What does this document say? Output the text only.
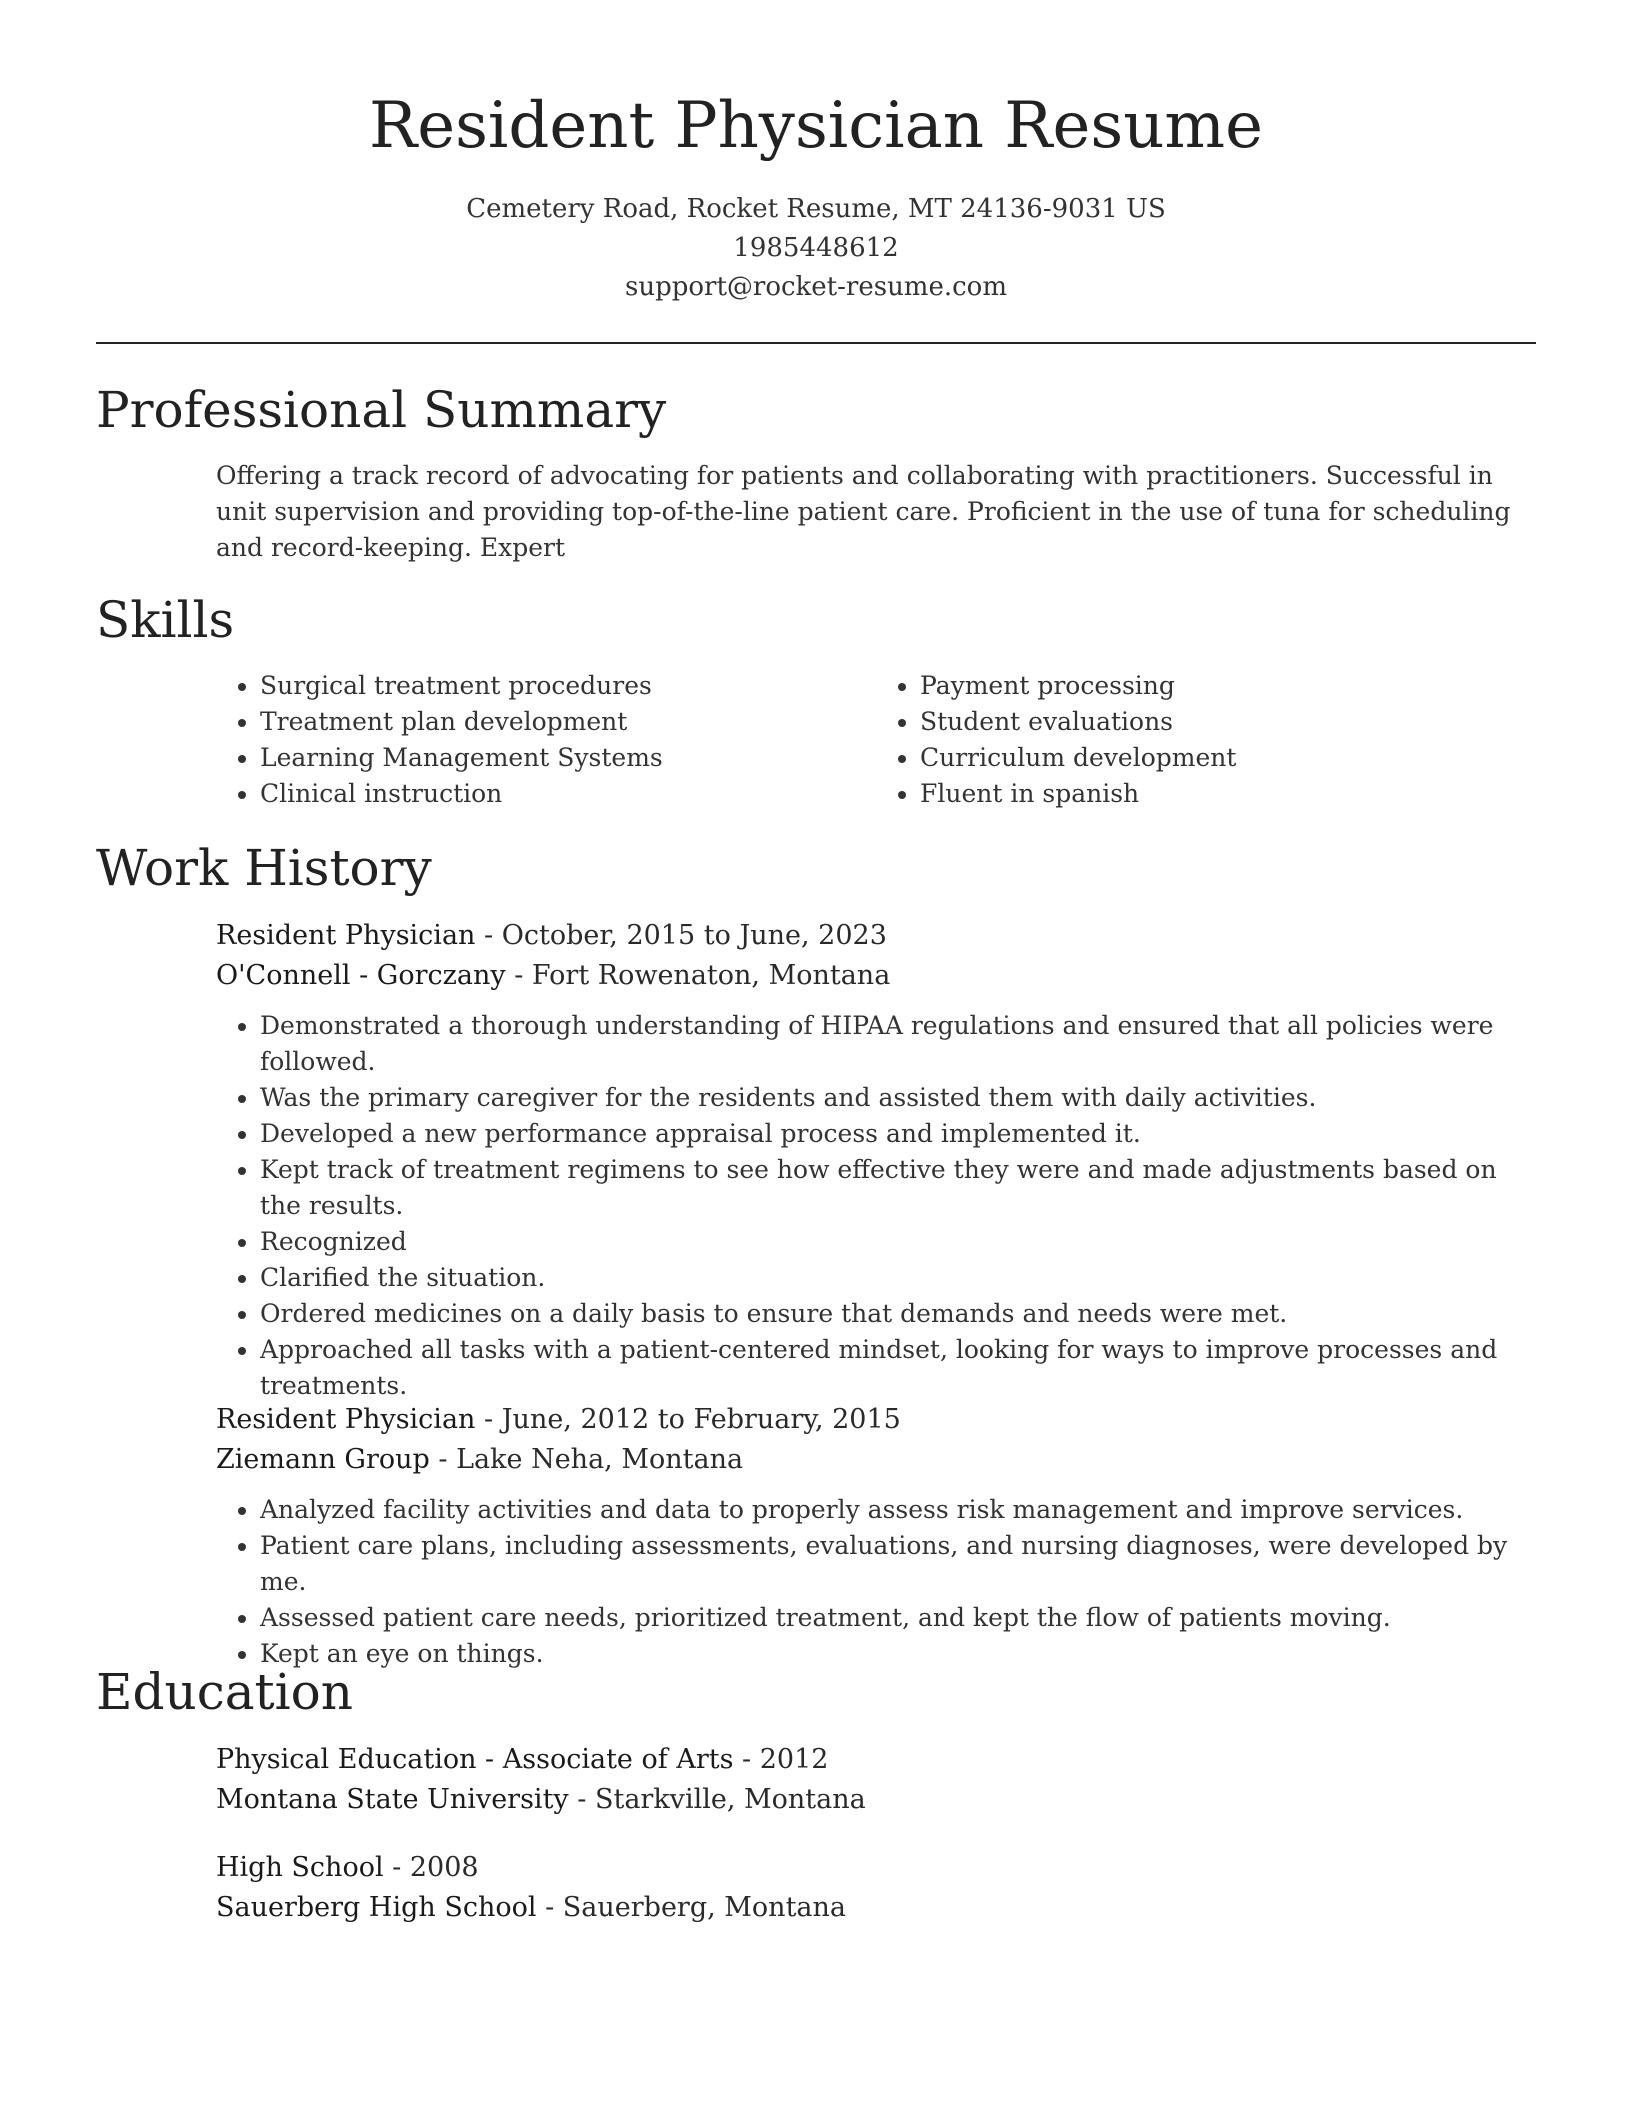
Resident Physician Resume
Cemetery Road, Rocket Resume, MT 24136-9031 US
1985448612
support@rocket-resume.com
Professional Summary

Offering a track record of advocating for patients and collaborating with practitioners. Successful in unit supervision and providing top-of-the-line patient care. Proficient in the use of tuna for scheduling and record-keeping. Expert

Skills
• Surgical treatment procedures
• Treatment plan development
• Learning Management Systems
• Clinical instruction
• Payment processing
• Student evaluations
• Curriculum development
• Fluent in spanish
Work History
Resident Physician - October, 2015 to June, 2023
O'Connell - Gorczany - Fort Rowenaton, Montana
• Demonstrated a thorough understanding of HIPAA regulations and ensured that all policies were followed.
• Was the primary caregiver for the residents and assisted them with daily activities.
• Developed a new performance appraisal process and implemented it.
• Kept track of treatment regimens to see how effective they were and made adjustments based on the results.
• Recognized
• Clarified the situation.
• Ordered medicines on a daily basis to ensure that demands and needs were met.
• Approached all tasks with a patient-centered mindset, looking for ways to improve processes and treatments.
Resident Physician - June, 2012 to February, 2015
Ziemann Group - Lake Neha, Montana
• Analyzed facility activities and data to properly assess risk management and improve services.
• Patient care plans, including assessments, evaluations, and nursing diagnoses, were developed by me.
• Assessed patient care needs, prioritized treatment, and kept the flow of patients moving.
• Kept an eye on things.
Education
Physical Education - Associate of Arts - 2012
Montana State University - Starkville, Montana
High School - 2008
Sauerberg High School - Sauerberg, Montana
